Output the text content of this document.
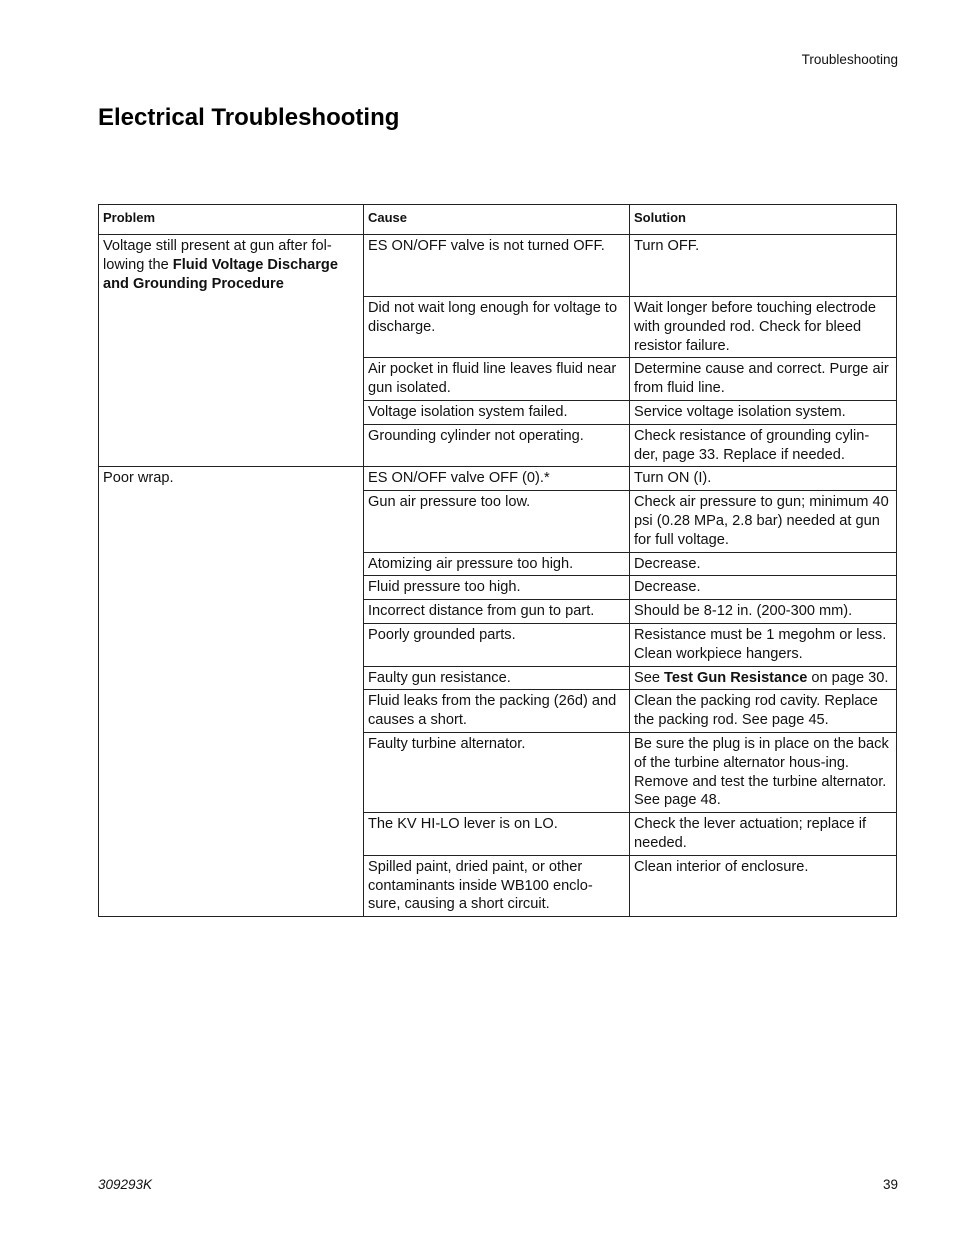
Troubleshooting
Electrical Troubleshooting
Problem	Cause	Solution
Voltage still present at gun after fol-lowing the Fluid Voltage Discharge and Grounding Procedure	ES ON/OFF valve is not turned OFF.	Turn OFF.
	Did not wait long enough for voltage to discharge.	Wait longer before touching electrode with grounded rod. Check for bleed resistor failure.
	Air pocket in fluid line leaves fluid near gun isolated.	Determine cause and correct. Purge air from fluid line.
	Voltage isolation system failed.	Service voltage isolation system.
	Grounding cylinder not operating.	Check resistance of grounding cylin-der, page 33. Replace if needed.
Poor wrap.	ES ON/OFF valve OFF (0).*	Turn ON (I).
	Gun air pressure too low.	Check air pressure to gun; minimum 40 psi (0.28 MPa, 2.8 bar) needed at gun for full voltage.
	Atomizing air pressure too high.	Decrease.
	Fluid pressure too high.	Decrease.
	Incorrect distance from gun to part.	Should be 8-12 in. (200-300 mm).
	Poorly grounded parts.	Resistance must be 1 megohm or less. Clean workpiece hangers.
	Faulty gun resistance.	See Test Gun Resistance on page 30.
	Fluid leaks from the packing (26d) and causes a short.	Clean the packing rod cavity. Replace the packing rod. See page 45.
	Faulty turbine alternator.	Be sure the plug is in place on the back of the turbine alternator hous-ing. Remove and test the turbine alternator. See page 48.
	The KV HI-LO lever is on LO.	Check the lever actuation; replace if needed.
	Spilled paint, dried paint, or other contaminants inside WB100 enclo-sure, causing a short circuit.	Clean interior of enclosure.
309293K	39
